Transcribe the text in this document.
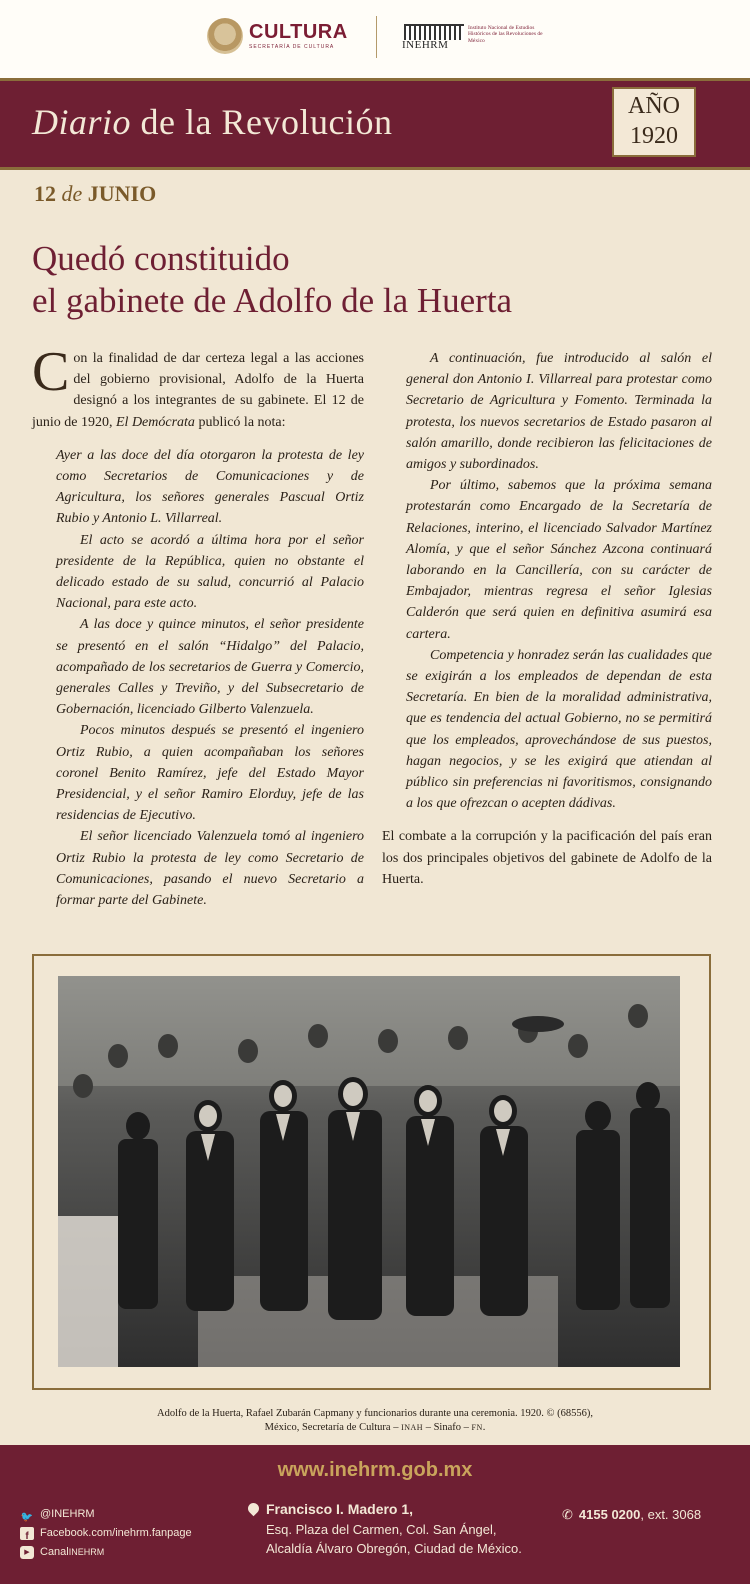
CULTURA
SECRETARÍA DE CULTURA	INEHRM
Instituto Nacional de Estudios Históricos de las Revoluciones de México
Diario de la Revolución	AÑO
1920
12 de JUNIO
Quedó constituido
el gabinete de Adolfo de la Huerta

Con la finalidad de dar certeza legal a las acciones del gobierno provisional, Adolfo de la Huerta designó a los integrantes de su gabinete. El 12 de junio de 1920, El Demócrata publicó la nota:

Ayer a las doce del día otorgaron la protesta de ley como Secretarios de Comunicaciones y de Agricultura, los señores generales Pascual Ortiz Rubio y Antonio L. Villarreal.

El acto se acordó a última hora por el señor presidente de la República, quien no obstante el delicado estado de su salud, concurrió al Palacio Nacional, para este acto.

A las doce y quince minutos, el señor presidente se presentó en el salón “Hidalgo” del Palacio, acompañado de los secretarios de Guerra y Comercio, generales Calles y Treviño, y del Subsecretario de Gobernación, licenciado Gilberto Valenzuela.

Pocos minutos después se presentó el ingeniero Ortiz Rubio, a quien acompañaban los señores coronel Benito Ramírez, jefe del Estado Mayor Presidencial, y el señor Ramiro Elorduy, jefe de las residencias de Ejecutivo.

El señor licenciado Valenzuela tomó al ingeniero Ortiz Rubio la protesta de ley como Secretario de Comunicaciones, pasando el nuevo Secretario a formar parte del Gabinete.

A continuación, fue introducido al salón el general don Antonio I. Villarreal para protestar como Secretario de Agricultura y Fomento. Terminada la protesta, los nuevos secretarios de Estado pasaron al salón amarillo, donde recibieron las felicitaciones de amigos y subordinados.

Por último, sabemos que la próxima semana protestarán como Encargado de la Secretaría de Relaciones, interino, el licenciado Salvador Martínez Alomía, y que el señor Sánchez Azcona continuará laborando en la Cancillería, con su carácter de Embajador, mientras regresa el señor Iglesias Calderón que será quien en definitiva asumirá esa cartera.

Competencia y honradez serán las cualidades que se exigirán a los empleados de dependan de esta Secretaría. En bien de la moralidad administrativa, que es tendencia del actual Gobierno, no se permitirá que los empleados, aprovechándose de sus puestos, hagan negocios, y se les exigirá que atiendan al público sin preferencias ni favoritismos, consignando a los que ofrezcan o acepten dádivas.

El combate a la corrupción y la pacificación del país eran los dos principales objetivos del gabinete de Adolfo de la Huerta.

Adolfo de la Huerta, Rafael Zubarán Capmany y funcionarios durante una ceremonia. 1920. © (68556),
México, Secretaría de Cultura – INAH – Sinafo – FN.
www.inehrm.gob.mx
🐦 @INEHRM
f	Facebook.com/inehrm.fanpage
▶ Canal INEHRM
Francisco I. Madero 1,
Esq. Plaza del Carmen, Col. San Ángel,
Alcaldía Álvaro Obregón, Ciudad de México.
✆ 4155 0200, ext. 3068
